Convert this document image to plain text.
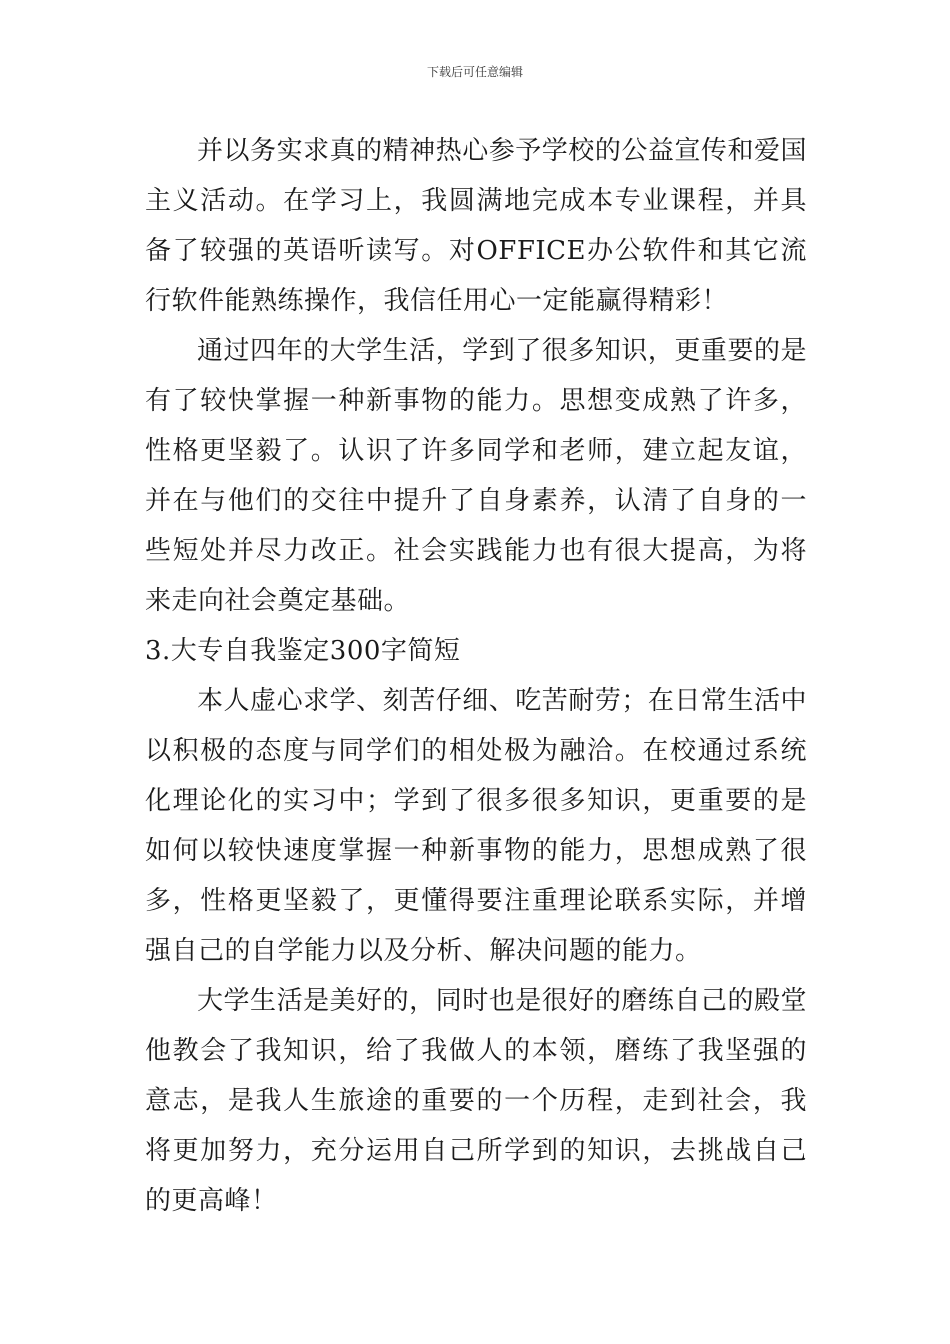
下载后可任意编辑

并以务实求真的精神热心参予学校的公益宣传和爱国主义活动。在学习上，我圆满地完成本专业课程，并具备了较强的英语听读写。对OFFICE办公软件和其它流行软件能熟练操作，我信任用心一定能赢得精彩！

通过四年的大学生活，学到了很多知识，更重要的是有了较快掌握一种新事物的能力。思想变成熟了许多，性格更坚毅了。认识了许多同学和老师，建立起友谊，并在与他们的交往中提升了自身素养，认清了自身的一些短处并尽力改正。社会实践能力也有很大提高，为将来走向社会奠定基础。

3.大专自我鉴定300字简短

本人虚心求学、刻苦仔细、吃苦耐劳；在日常生活中以积极的态度与同学们的相处极为融洽。在校通过系统化理论化的实习中；学到了很多很多知识，更重要的是如何以较快速度掌握一种新事物的能力，思想成熟了很多，性格更坚毅了，更懂得要注重理论联系实际，并增强自己的自学能力以及分析、解决问题的能力。

大学生活是美好的，同时也是很好的磨练自己的殿堂他教会了我知识，给了我做人的本领，磨练了我坚强的意志，是我人生旅途的重要的一个历程，走到社会，我将更加努力，充分运用自己所学到的知识，去挑战自己的更高峰！
